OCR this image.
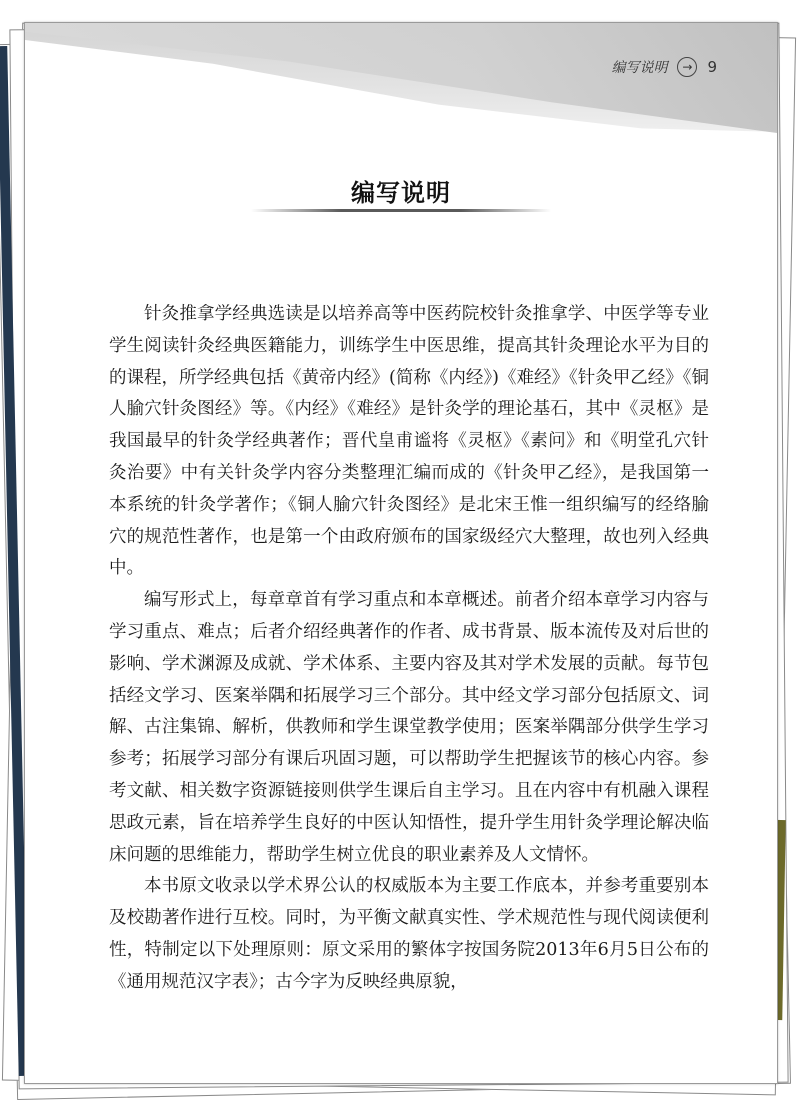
编写说明	→ 9
编写说明

针灸推拿学经典选读是以培养高等中医药院校针灸推拿学、中医学等专业学生阅读针灸经典医籍能力，训练学生中医思维，提高其针灸理论水平为目的的课程，所学经典包括《黄帝内经》(简称《内经》)《难经》《针灸甲乙经》《铜人腧穴针灸图经》等。《内经》《难经》是针灸学的理论基石，其中《灵枢》是我国最早的针灸学经典著作；晋代皇甫谧将《灵枢》《素问》和《明堂孔穴针灸治要》中有关针灸学内容分类整理汇编而成的《针灸甲乙经》，是我国第一本系统的针灸学著作；《铜人腧穴针灸图经》是北宋王惟一组织编写的经络腧穴的规范性著作，也是第一个由政府颁布的国家级经穴大整理，故也列入经典中。

编写形式上，每章章首有学习重点和本章概述。前者介绍本章学习内容与学习重点、难点；后者介绍经典著作的作者、成书背景、版本流传及对后世的影响、学术渊源及成就、学术体系、主要内容及其对学术发展的贡献。每节包括经文学习、医案举隅和拓展学习三个部分。其中经文学习部分包括原文、词解、古注集锦、解析，供教师和学生课堂教学使用；医案举隅部分供学生学习参考；拓展学习部分有课后巩固习题，可以帮助学生把握该节的核心内容。参考文献、相关数字资源链接则供学生课后自主学习。且在内容中有机融入课程思政元素，旨在培养学生良好的中医认知悟性，提升学生用针灸学理论解决临床问题的思维能力，帮助学生树立优良的职业素养及人文情怀。

本书原文收录以学术界公认的权威版本为主要工作底本，并参考重要别本及校勘著作进行互校。同时，为平衡文献真实性、学术规范性与现代阅读便利性，特制定以下处理原则：原文采用的繁体字按国务院2013年6月5日公布的《通用规范汉字表》；古今字为反映经典原貌，
